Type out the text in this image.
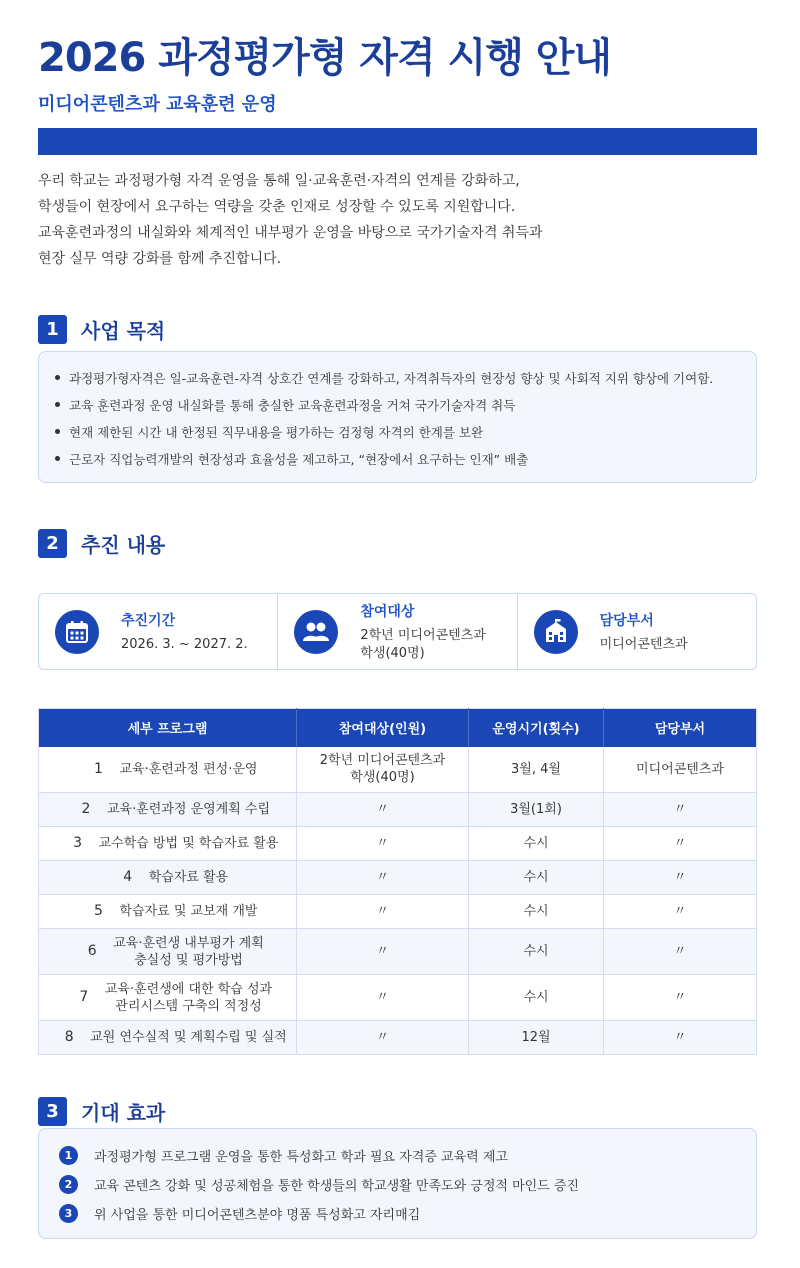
2026 과정평가형 자격 시행 안내
미디어콘텐츠과 교육훈련 운영
우리 학교는 과정평가형 자격 운영을 통해 일·교육훈련·자격의 연계를 강화하고,
학생들이 현장에서 요구하는 역량을 갖춘 인재로 성장할 수 있도록 지원합니다.
교육훈련과정의 내실화와 체계적인 내부평가 운영을 바탕으로 국가기술자격 취득과
현장 실무 역량 강화를 함께 추진합니다.
1	사업 목적
과정평가형자격은 일-교육훈련-자격 상호간 연계를 강화하고, 자격취득자의 현장성 향상 및 사회적 지위 향상에 기여함.
교육 훈련과정 운영 내실화를 통해 충실한 교육훈련과정을 거쳐 국가기술자격 취득
현재 제한된 시간 내 한정된 직무내용을 평가하는 검정형 자격의 한계를 보완
근로자 직업능력개발의 현장성과 효율성을 제고하고, “현장에서 요구하는 인재” 배출
2	추진 내용
추진기간
2026. 3. ~ 2027. 2.
참여대상
2학년 미디어콘텐츠과
학생(40명)
담당부서
미디어콘텐츠과
세부 프로그램	참여대상(인원)	운영시기(횟수)	담당부서
1 교육·훈련과정 편성·운영	2학년 미디어콘텐츠과
학생(40명)	3월, 4월	미디어콘텐츠과
2 교육·훈련과정 운영계획 수립	〃	3월(1회)	〃
3 교수학습 방법 및 학습자료 활용	〃	수시	〃
4 학습자료 활용	〃	수시	〃
5 학습자료 및 교보재 개발	〃	수시	〃
6 교육·훈련생 내부평가 계획
충실성 및 평가방법	〃	수시	〃
7 교육·훈련생에 대한 학습 성과
관리시스템 구축의 적정성	〃	수시	〃
8 교원 연수실적 및 계획수립 및 실적	〃	12월	〃
3	기대 효과
1	과정평가형 프로그램 운영을 통한 특성화고 학과 필요 자격증 교육력 제고
2	교육 콘텐츠 강화 및 성공체험을 통한 학생들의 학교생활 만족도와 긍정적 마인드 증진
3	위 사업을 통한 미디어콘텐츠분야 명품 특성화고 자리매김
